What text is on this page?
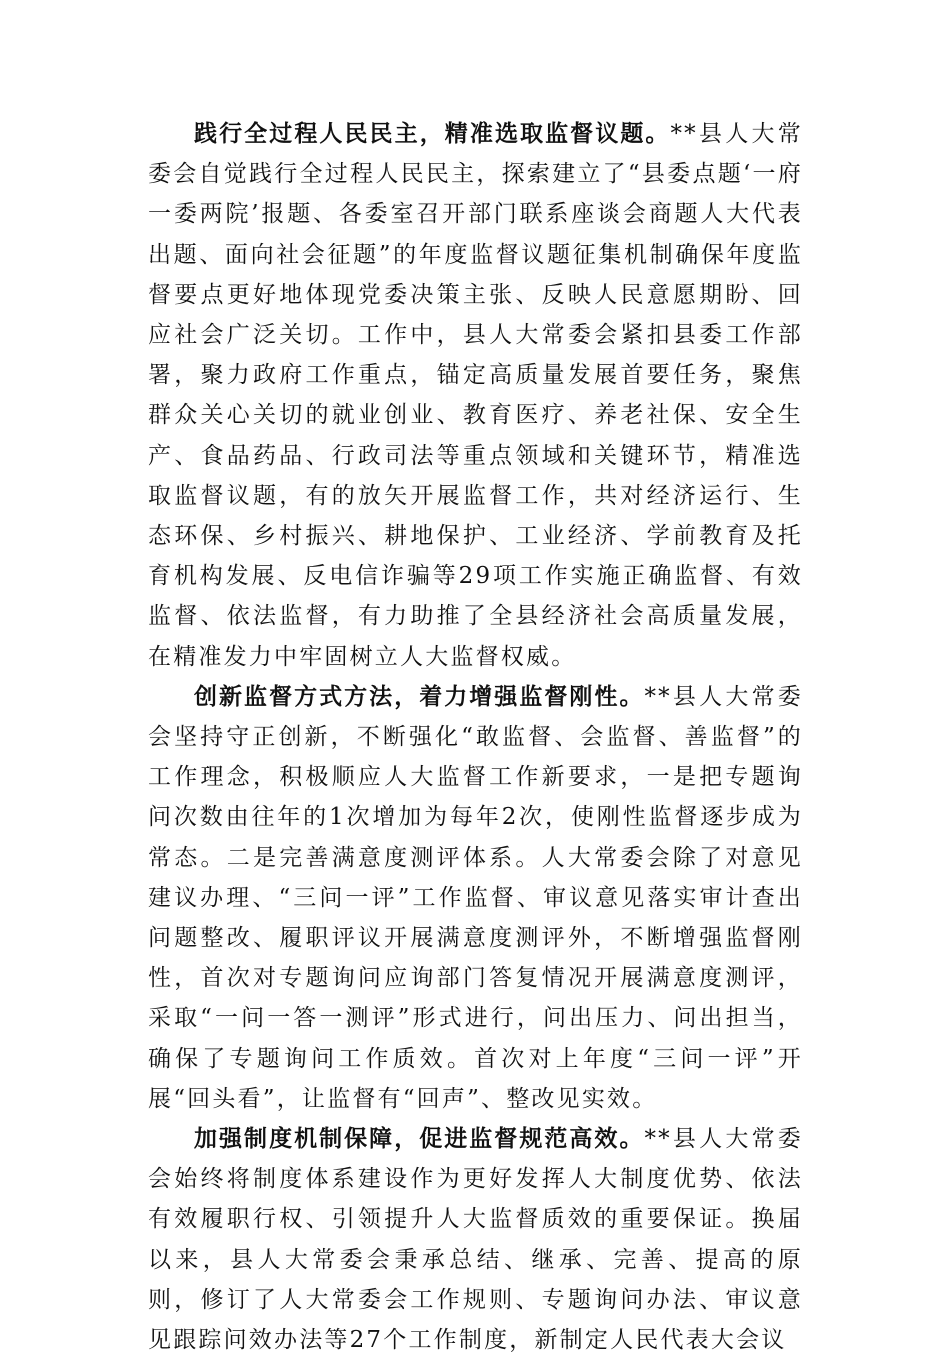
践行全过程人民民主，精准选取监督议题。**县人大常委会自觉践行全过程人民民主，探索建立了“县委点题‘一府一委两院’报题、各委室召开部门联系座谈会商题人大代表出题、面向社会征题”的年度监督议题征集机制确保年度监督要点更好地体现党委决策主张、反映人民意愿期盼、回应社会广泛关切。工作中，县人大常委会紧扣县委工作部署，聚力政府工作重点，锚定高质量发展首要任务，聚焦群众关心关切的就业创业、教育医疗、养老社保、安全生产、食品药品、行政司法等重点领域和关键环节，精准选取监督议题，有的放矢开展监督工作，共对经济运行、生态环保、乡村振兴、耕地保护、工业经济、学前教育及托育机构发展、反电信诈骗等29项工作实施正确监督、有效监督、依法监督，有力助推了全县经济社会高质量发展，在精准发力中牢固树立人大监督权威。

创新监督方式方法，着力增强监督刚性。**县人大常委会坚持守正创新，不断强化“敢监督、会监督、善监督”的工作理念，积极顺应人大监督工作新要求，一是把专题询问次数由往年的1次增加为每年2次，使刚性监督逐步成为常态。二是完善满意度测评体系。人大常委会除了对意见建议办理、“三问一评”工作监督、审议意见落实审计查出问题整改、履职评议开展满意度测评外，不断增强监督刚性，首次对专题询问应询部门答复情况开展满意度测评，采取“一问一答一测评”形式进行，问出压力、问出担当，确保了专题询问工作质效。首次对上年度“三问一评”开展“回头看”，让监督有“回声”、整改见实效。

加强制度机制保障，促进监督规范高效。**县人大常委会始终将制度体系建设作为更好发挥人大制度优势、依法有效履职行权、引领提升人大监督质效的重要保证。换届以来，县人大常委会秉承总结、继承、完善、提高的原则，修订了人大常委会工作规则、专题询问办法、审议意见跟踪问效办法等27个工作制度，新制定人民代表大会议
